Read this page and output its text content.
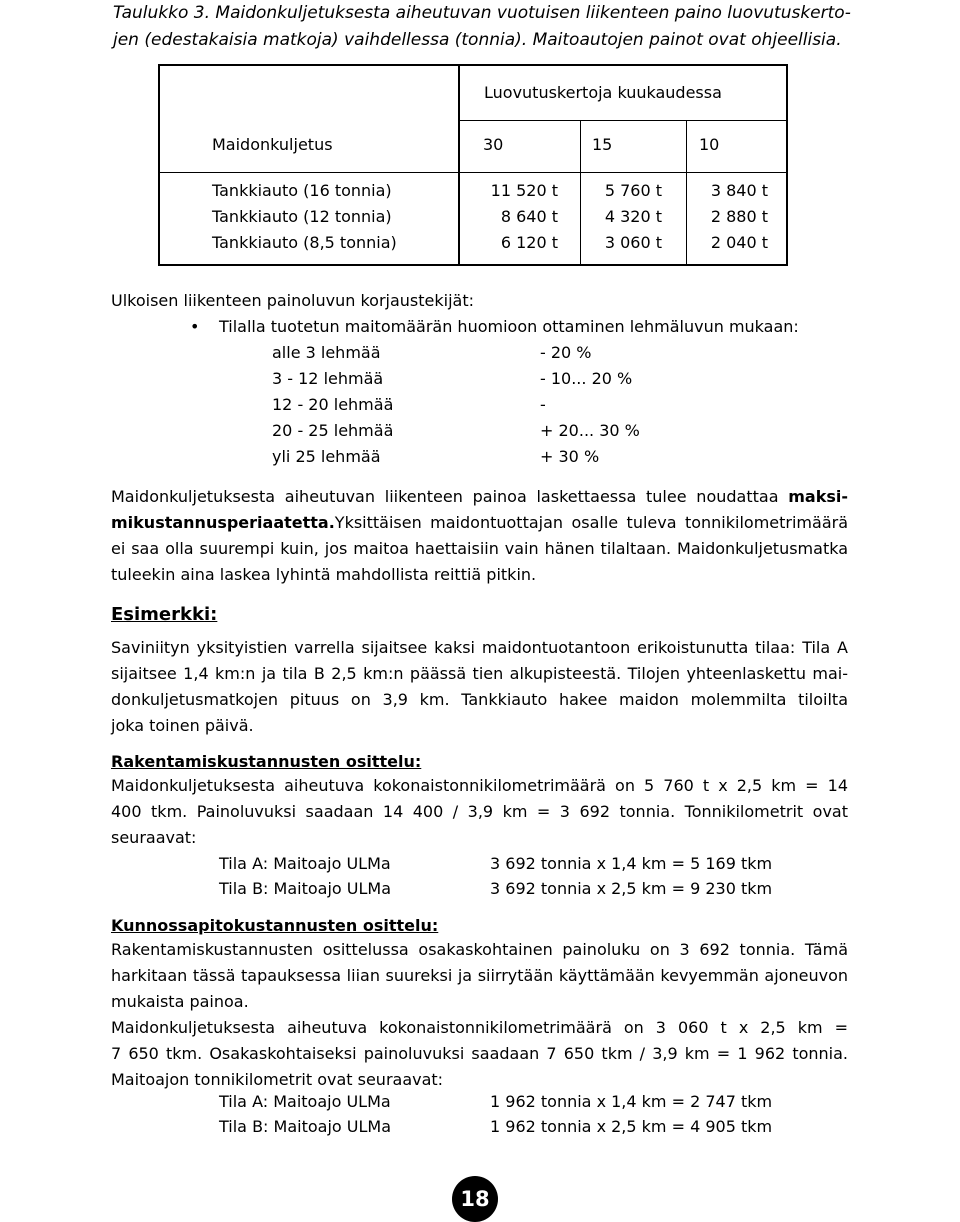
Taulukko 3. Maidonkuljetuksesta aiheutuvan vuotuisen liikenteen paino luovutuskerto-
jen (edestakaisia matkoja) vaihdellessa (tonnia). Maitoautojen painot ovat ohjeellisia.
Luovutuskertoja kuukaudessa
Maidonkuljetus	30	15	10
Tankkiauto (16 tonnia)	11 520 t	5 760 t	3 840 t
Tankkiauto (12 tonnia)	8 640 t	4 320 t	2 880 t
Tankkiauto (8,5 tonnia)	6 120 t	3 060 t	2 040 t
Ulkoisen liikenteen painoluvun korjaustekijät:
• Tilalla tuotetun maitomäärän huomioon ottaminen lehmäluvun mukaan:
alle 3 lehmää	- 20 %
3 - 12 lehmää	- 10... 20 %
12 - 20 lehmää	-
20 - 25 lehmää	+ 20... 30 %
yli 25 lehmää	+ 30 %
Maidonkuljetuksesta aiheutuvan liikenteen painoa laskettaessa tulee noudattaa maksi-
mikustannusperiaatetta.Yksittäisen maidontuottajan osalle tuleva tonnikilometrimäärä
ei saa olla suurempi kuin, jos maitoa haettaisiin vain hänen tilaltaan. Maidonkuljetusmatka
tuleekin aina laskea lyhintä mahdollista reittiä pitkin.
Esimerkki:
Saviniityn yksityistien varrella sijaitsee kaksi maidontuotantoon erikoistunutta tilaa: Tila A
sijaitsee 1,4 km:n ja tila B 2,5 km:n päässä tien alkupisteestä. Tilojen yhteenlaskettu mai-
donkuljetusmatkojen pituus on 3,9 km. Tankkiauto hakee maidon molemmilta tiloilta
joka toinen päivä.
Rakentamiskustannusten osittelu:
Maidonkuljetuksesta aiheutuva kokonaistonnikilometrimäärä on 5 760 t x 2,5 km = 14
400 tkm. Painoluvuksi saadaan 14 400 / 3,9 km = 3 692 tonnia. Tonnikilometrit ovat
seuraavat:
Tila A: Maitoajo ULMa	3 692 tonnia x 1,4 km = 5 169 tkm
Tila B: Maitoajo ULMa	3 692 tonnia x 2,5 km = 9 230 tkm
Kunnossapitokustannusten osittelu:
Rakentamiskustannusten osittelussa osakaskohtainen painoluku on 3 692 tonnia. Tämä
harkitaan tässä tapauksessa liian suureksi ja siirrytään käyttämään kevyemmän ajoneuvon
mukaista painoa.
Maidonkuljetuksesta aiheutuva kokonaistonnikilometrimäärä on 3 060 t x 2,5 km =
7 650 tkm. Osakaskohtaiseksi painoluvuksi saadaan 7 650 tkm / 3,9 km = 1 962 tonnia.
Maitoajon tonnikilometrit ovat seuraavat:
Tila A: Maitoajo ULMa	1 962 tonnia x 1,4 km = 2 747 tkm
Tila B: Maitoajo ULMa	1 962 tonnia x 2,5 km = 4 905 tkm
18
